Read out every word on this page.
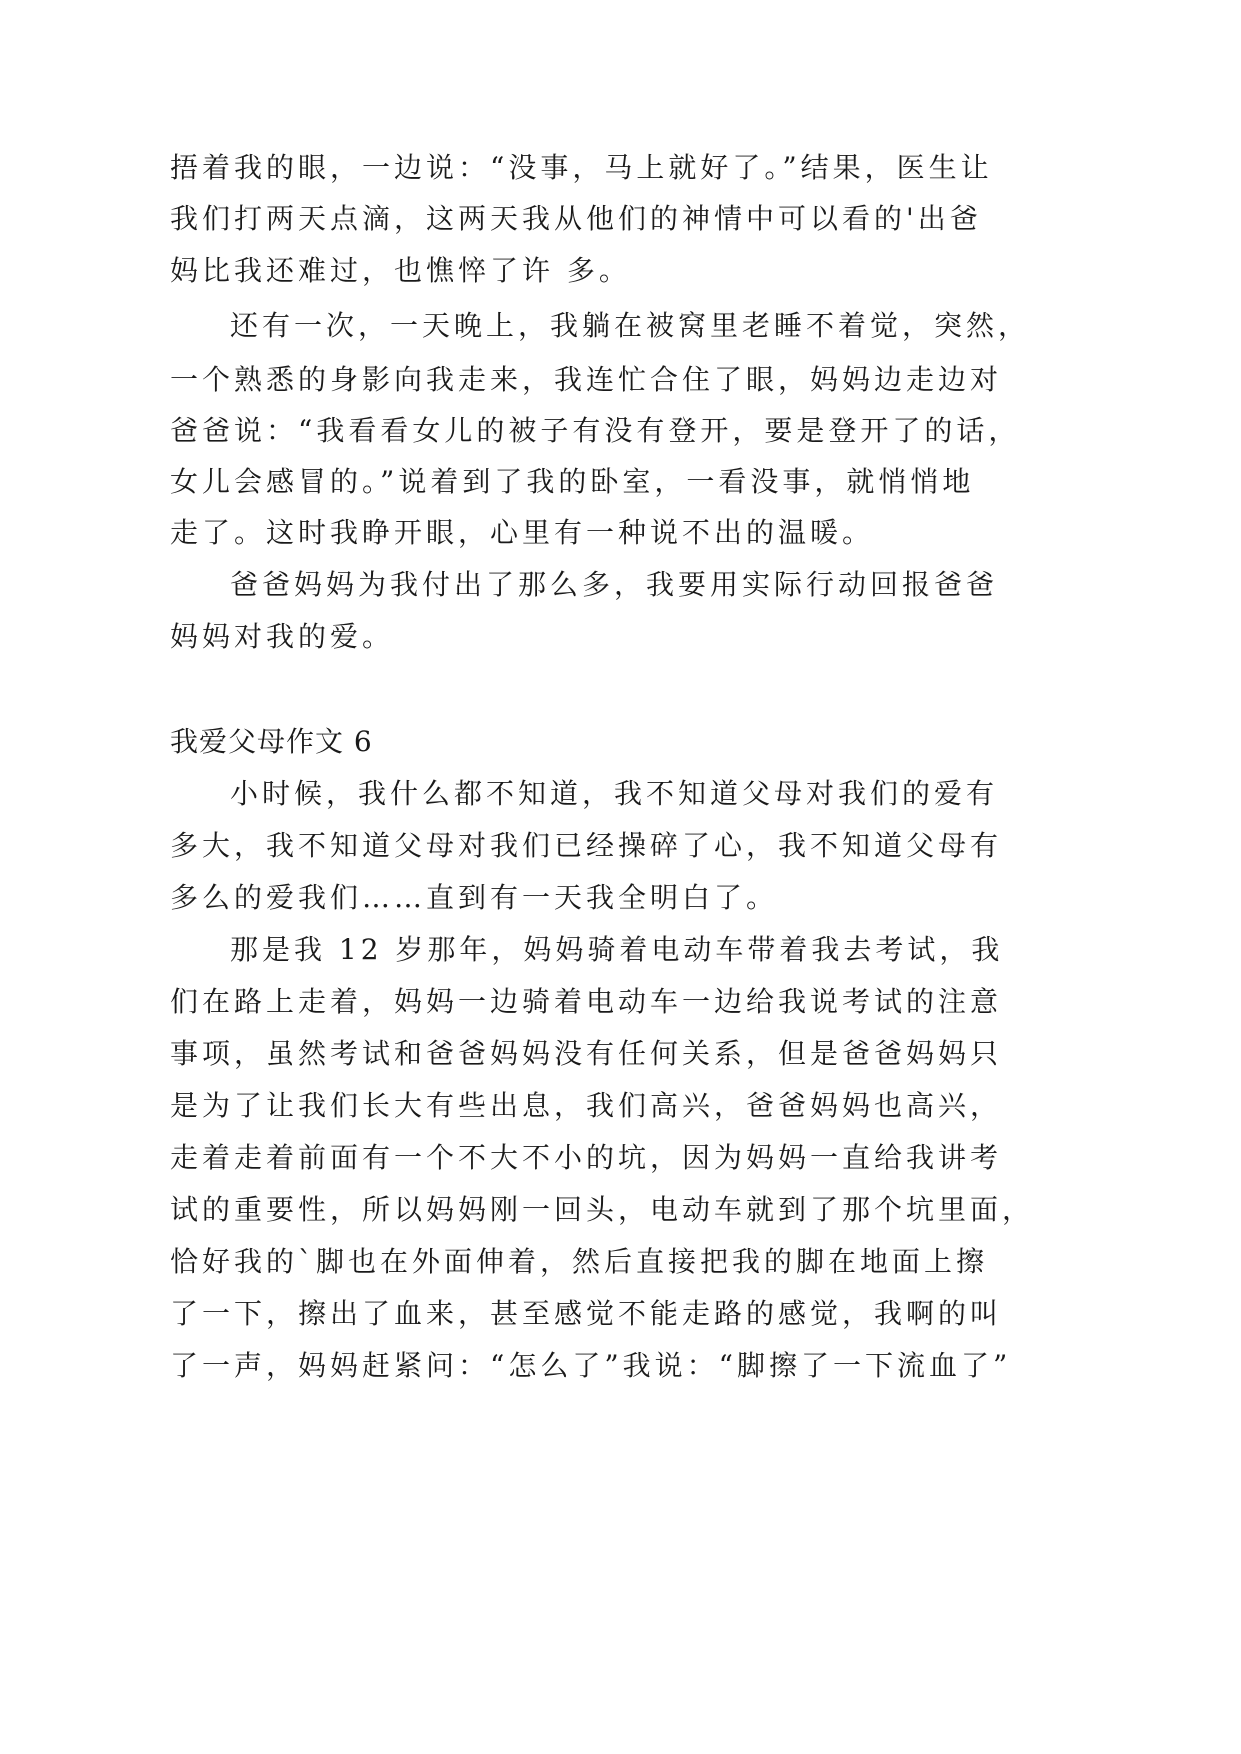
捂着我的眼，一边说：“没事，马上就好了。”结果，医生让
我们打两天点滴，这两天我从他们的神情中可以看的'出爸
妈比我还难过，也憔悴了许 多。
还有一次，一天晚上，我躺在被窝里老睡不着觉，突然，
一个熟悉的身影向我走来，我连忙合住了眼，妈妈边走边对
爸爸说：“我看看女儿的被子有没有登开，要是登开了的话，
女儿会感冒的。”说着到了我的卧室，一看没事，就悄悄地
走了。这时我睁开眼，心里有一种说不出的温暖。
爸爸妈妈为我付出了那么多，我要用实际行动回报爸爸
妈妈对我的爱。
我爱父母作文 6
小时候，我什么都不知道，我不知道父母对我们的爱有
多大，我不知道父母对我们已经操碎了心，我不知道父母有
多么的爱我们……直到有一天我全明白了。
那是我 12 岁那年，妈妈骑着电动车带着我去考试，我
们在路上走着，妈妈一边骑着电动车一边给我说考试的注意
事项，虽然考试和爸爸妈妈没有任何关系，但是爸爸妈妈只
是为了让我们长大有些出息，我们高兴，爸爸妈妈也高兴，
走着走着前面有一个不大不小的坑，因为妈妈一直给我讲考
试的重要性，所以妈妈刚一回头，电动车就到了那个坑里面，
恰好我的`脚也在外面伸着，然后直接把我的脚在地面上擦
了一下，擦出了血来，甚至感觉不能走路的感觉，我啊的叫
了一声，妈妈赶紧问：“怎么了”我说：“脚擦了一下流血了”
